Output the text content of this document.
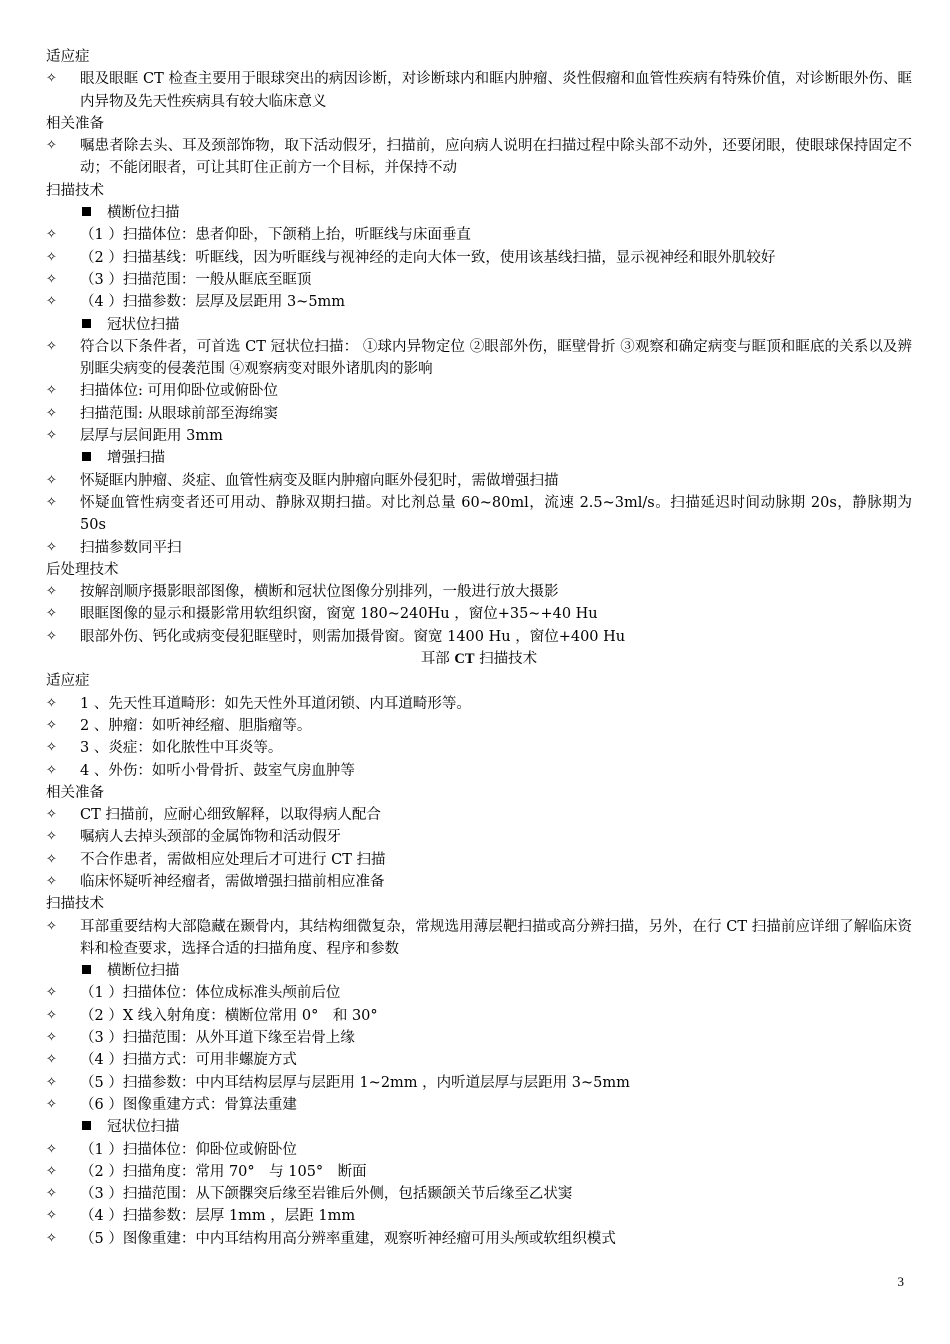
适应症
✧	眼及眼眶 CT 检查主要用于眼球突出的病因诊断，对诊断球内和眶内肿瘤、炎性假瘤和血管性疾病有特殊价值，对诊断眼外伤、眶内异物及先天性疾病具有较大临床意义
相关准备
✧	嘱患者除去头、耳及颈部饰物，取下活动假牙，扫描前，应向病人说明在扫描过程中除头部不动外，还要闭眼，使眼球保持固定不动；不能闭眼者，可让其盯住正前方一个目标，并保持不动
扫描技术
横断位扫描
✧	（1 ）扫描体位：患者仰卧，下颌稍上抬，听眶线与床面垂直
✧	（2 ）扫描基线：听眶线，因为听眶线与视神经的走向大体一致，使用该基线扫描，显示视神经和眼外肌较好
✧	（3 ）扫描范围：一般从眶底至眶顶
✧	（4 ）扫描参数：层厚及层距用 3~5mm
冠状位扫描
✧	符合以下条件者，可首选 CT 冠状位扫描： ①球内异物定位 ②眼部外伤，眶壁骨折 ③观察和确定病变与眶顶和眶底的关系以及辨别眶尖病变的侵袭范围 ④观察病变对眼外诸肌肉的影响
✧	扫描体位: 可用仰卧位或俯卧位
✧	扫描范围: 从眼球前部至海绵窦
✧	层厚与层间距用 3mm
增强扫描
✧	怀疑眶内肿瘤、炎症、血管性病变及眶内肿瘤向眶外侵犯时，需做增强扫描
✧	怀疑血管性病变者还可用动、静脉双期扫描。对比剂总量 60~80ml，流速 2.5~3ml/s。扫描延迟时间动脉期 20s，静脉期为 50s
✧	扫描参数同平扫
后处理技术
✧	按解剖顺序摄影眼部图像，横断和冠状位图像分别排列，一般进行放大摄影
✧	眼眶图像的显示和摄影常用软组织窗，窗宽 180~240Hu ，窗位+35~+40 Hu
✧	眼部外伤、钙化或病变侵犯眶壁时，则需加摄骨窗。窗宽 1400 Hu ，窗位+400 Hu
耳部 CT 扫描技术
适应症
✧	1 、先天性耳道畸形：如先天性外耳道闭锁、内耳道畸形等。
✧	2 、肿瘤：如听神经瘤、胆脂瘤等。
✧	3 、炎症：如化脓性中耳炎等。
✧	4 、外伤：如听小骨骨折、鼓室气房血肿等
相关准备
✧	CT 扫描前，应耐心细致解释，以取得病人配合
✧	嘱病人去掉头颈部的金属饰物和活动假牙
✧	不合作患者，需做相应处理后才可进行 CT 扫描
✧	临床怀疑听神经瘤者，需做增强扫描前相应准备
扫描技术
✧	耳部重要结构大部隐藏在颞骨内，其结构细微复杂，常规选用薄层靶扫描或高分辨扫描，另外，在行 CT 扫描前应详细了解临床资料和检查要求，选择合适的扫描角度、程序和参数
横断位扫描
✧	（1 ）扫描体位：体位成标准头颅前后位
✧	（2 ）X 线入射角度：横断位常用 0°　和 30°
✧	（3 ）扫描范围：从外耳道下缘至岩骨上缘
✧	（4 ）扫描方式：可用非螺旋方式
✧	（5 ）扫描参数：中内耳结构层厚与层距用 1~2mm ，内听道层厚与层距用 3~5mm
✧	（6 ）图像重建方式：骨算法重建
冠状位扫描
✧	（1 ）扫描体位：仰卧位或俯卧位
✧	（2 ）扫描角度：常用 70°　与 105°　断面
✧	（3 ）扫描范围：从下颌髁突后缘至岩锥后外侧，包括颞颌关节后缘至乙状窦
✧	（4 ）扫描参数：层厚 1mm ，层距 1mm
✧	（5 ）图像重建：中内耳结构用高分辨率重建，观察听神经瘤可用头颅或软组织模式
3
